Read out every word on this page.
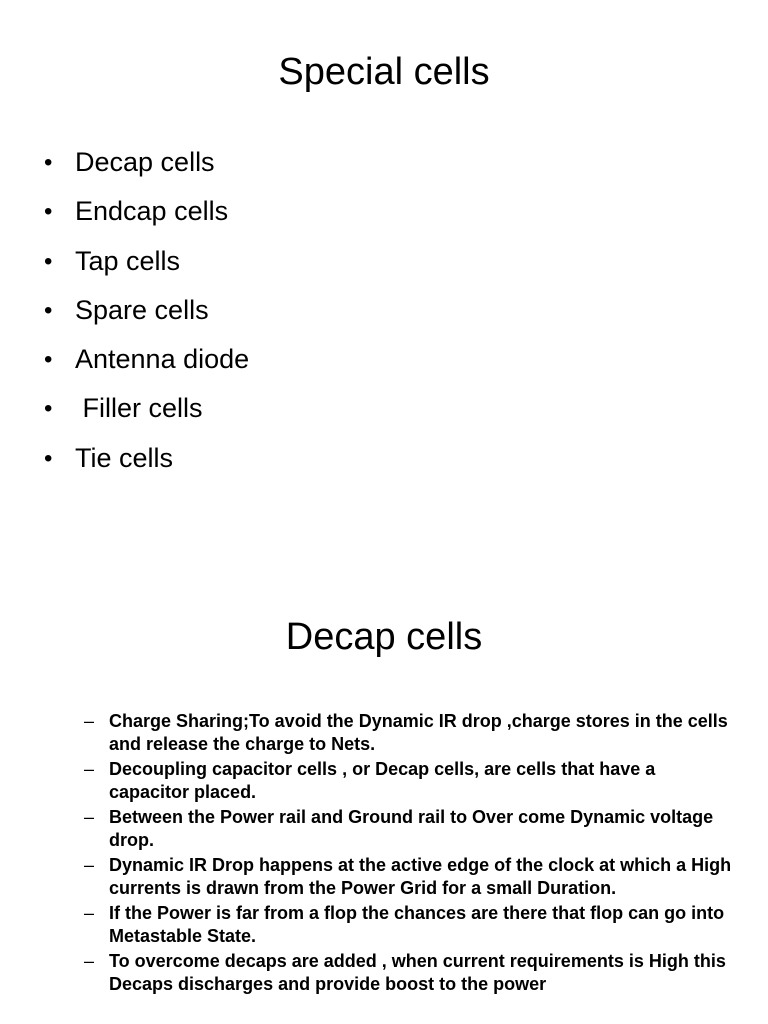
Special cells
• Decap cells
• Endcap cells
• Tap cells
• Spare cells
• Antenna diode
• Filler cells
• Tie cells
Decap cells
– Charge Sharing;To avoid the Dynamic IR drop ,charge stores in the cells and release the charge to Nets.
– Decoupling capacitor cells , or Decap cells, are cells that have a capacitor placed.
– Between the Power rail and Ground rail to Over come Dynamic voltage drop.
– Dynamic IR Drop happens at the active edge of the clock at which a High currents is drawn from the Power Grid for a small Duration.
– If the Power is far from a flop the chances are there that flop can go into Metastable State.
– To overcome decaps are added , when current requirements is High this Decaps discharges and provide boost to the power
